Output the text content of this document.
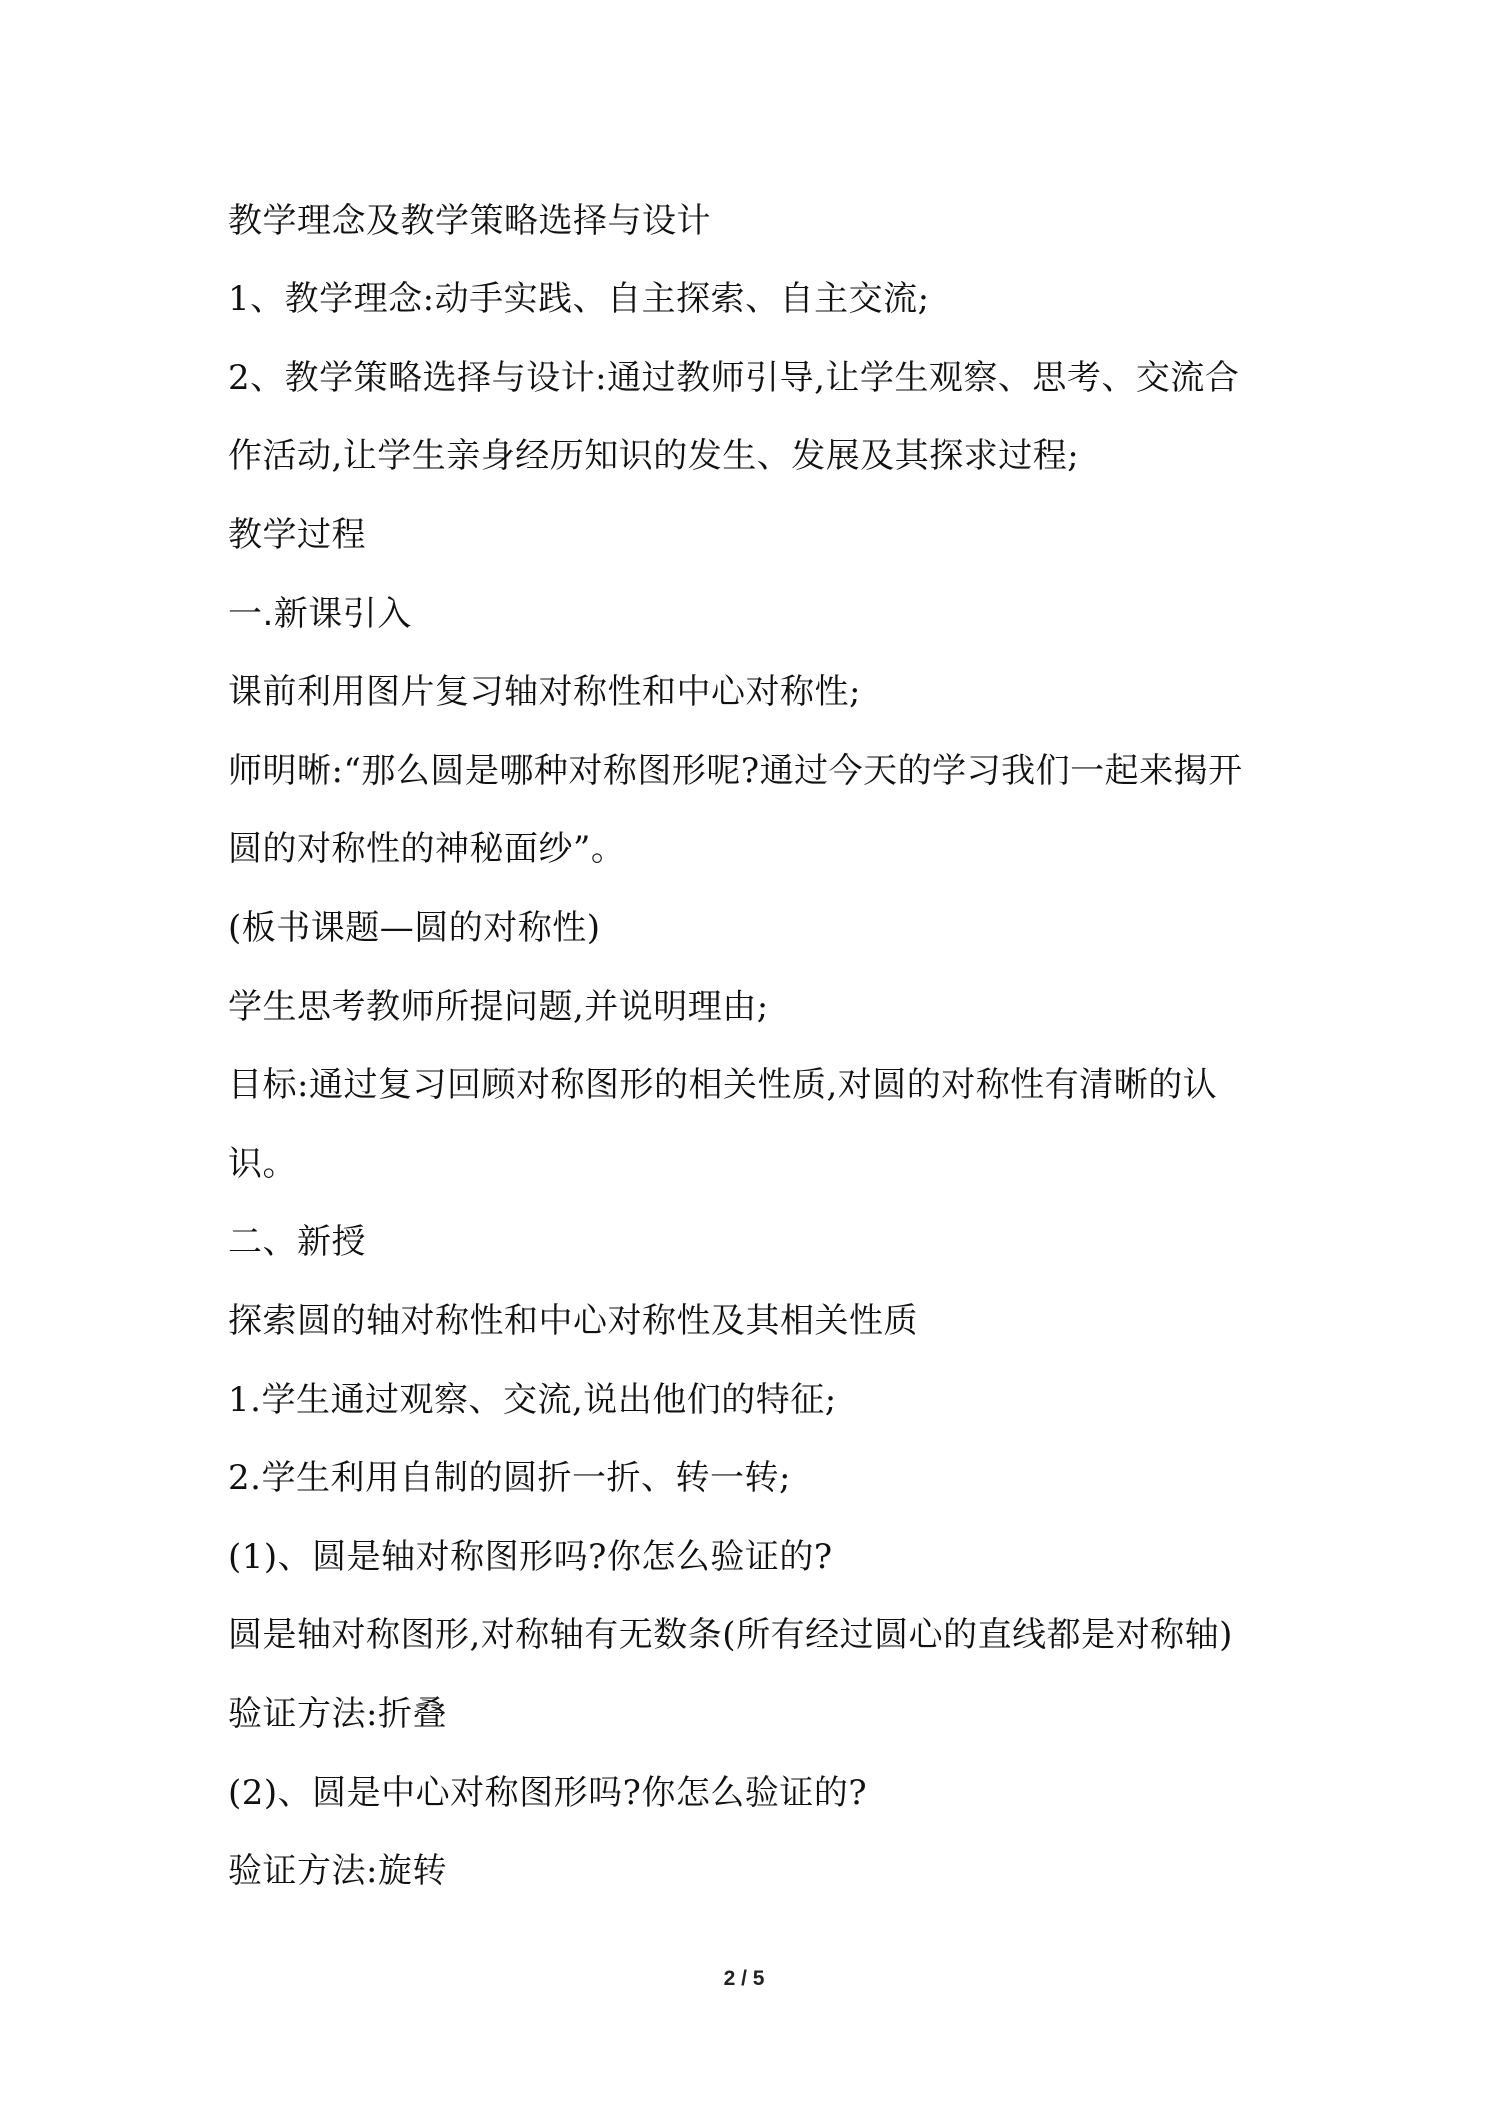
教学理念及教学策略选择与设计
1、教学理念:动手实践、自主探索、自主交流;
2、教学策略选择与设计:通过教师引导,让学生观察、思考、交流合
作活动,让学生亲身经历知识的发生、发展及其探求过程;
教学过程
一.新课引入
课前利用图片复习轴对称性和中心对称性;
师明晰:“那么圆是哪种对称图形呢?通过今天的学习我们一起来揭开
圆的对称性的神秘面纱”。
(板书课题—圆的对称性)
学生思考教师所提问题,并说明理由;
目标:通过复习回顾对称图形的相关性质,对圆的对称性有清晰的认
识。
二、新授
探索圆的轴对称性和中心对称性及其相关性质
1.学生通过观察、交流,说出他们的特征;
2.学生利用自制的圆折一折、转一转;
(1)、圆是轴对称图形吗?你怎么验证的?
圆是轴对称图形,对称轴有无数条(所有经过圆心的直线都是对称轴)
验证方法:折叠
(2)、圆是中心对称图形吗?你怎么验证的?
验证方法:旋转
2 / 5
